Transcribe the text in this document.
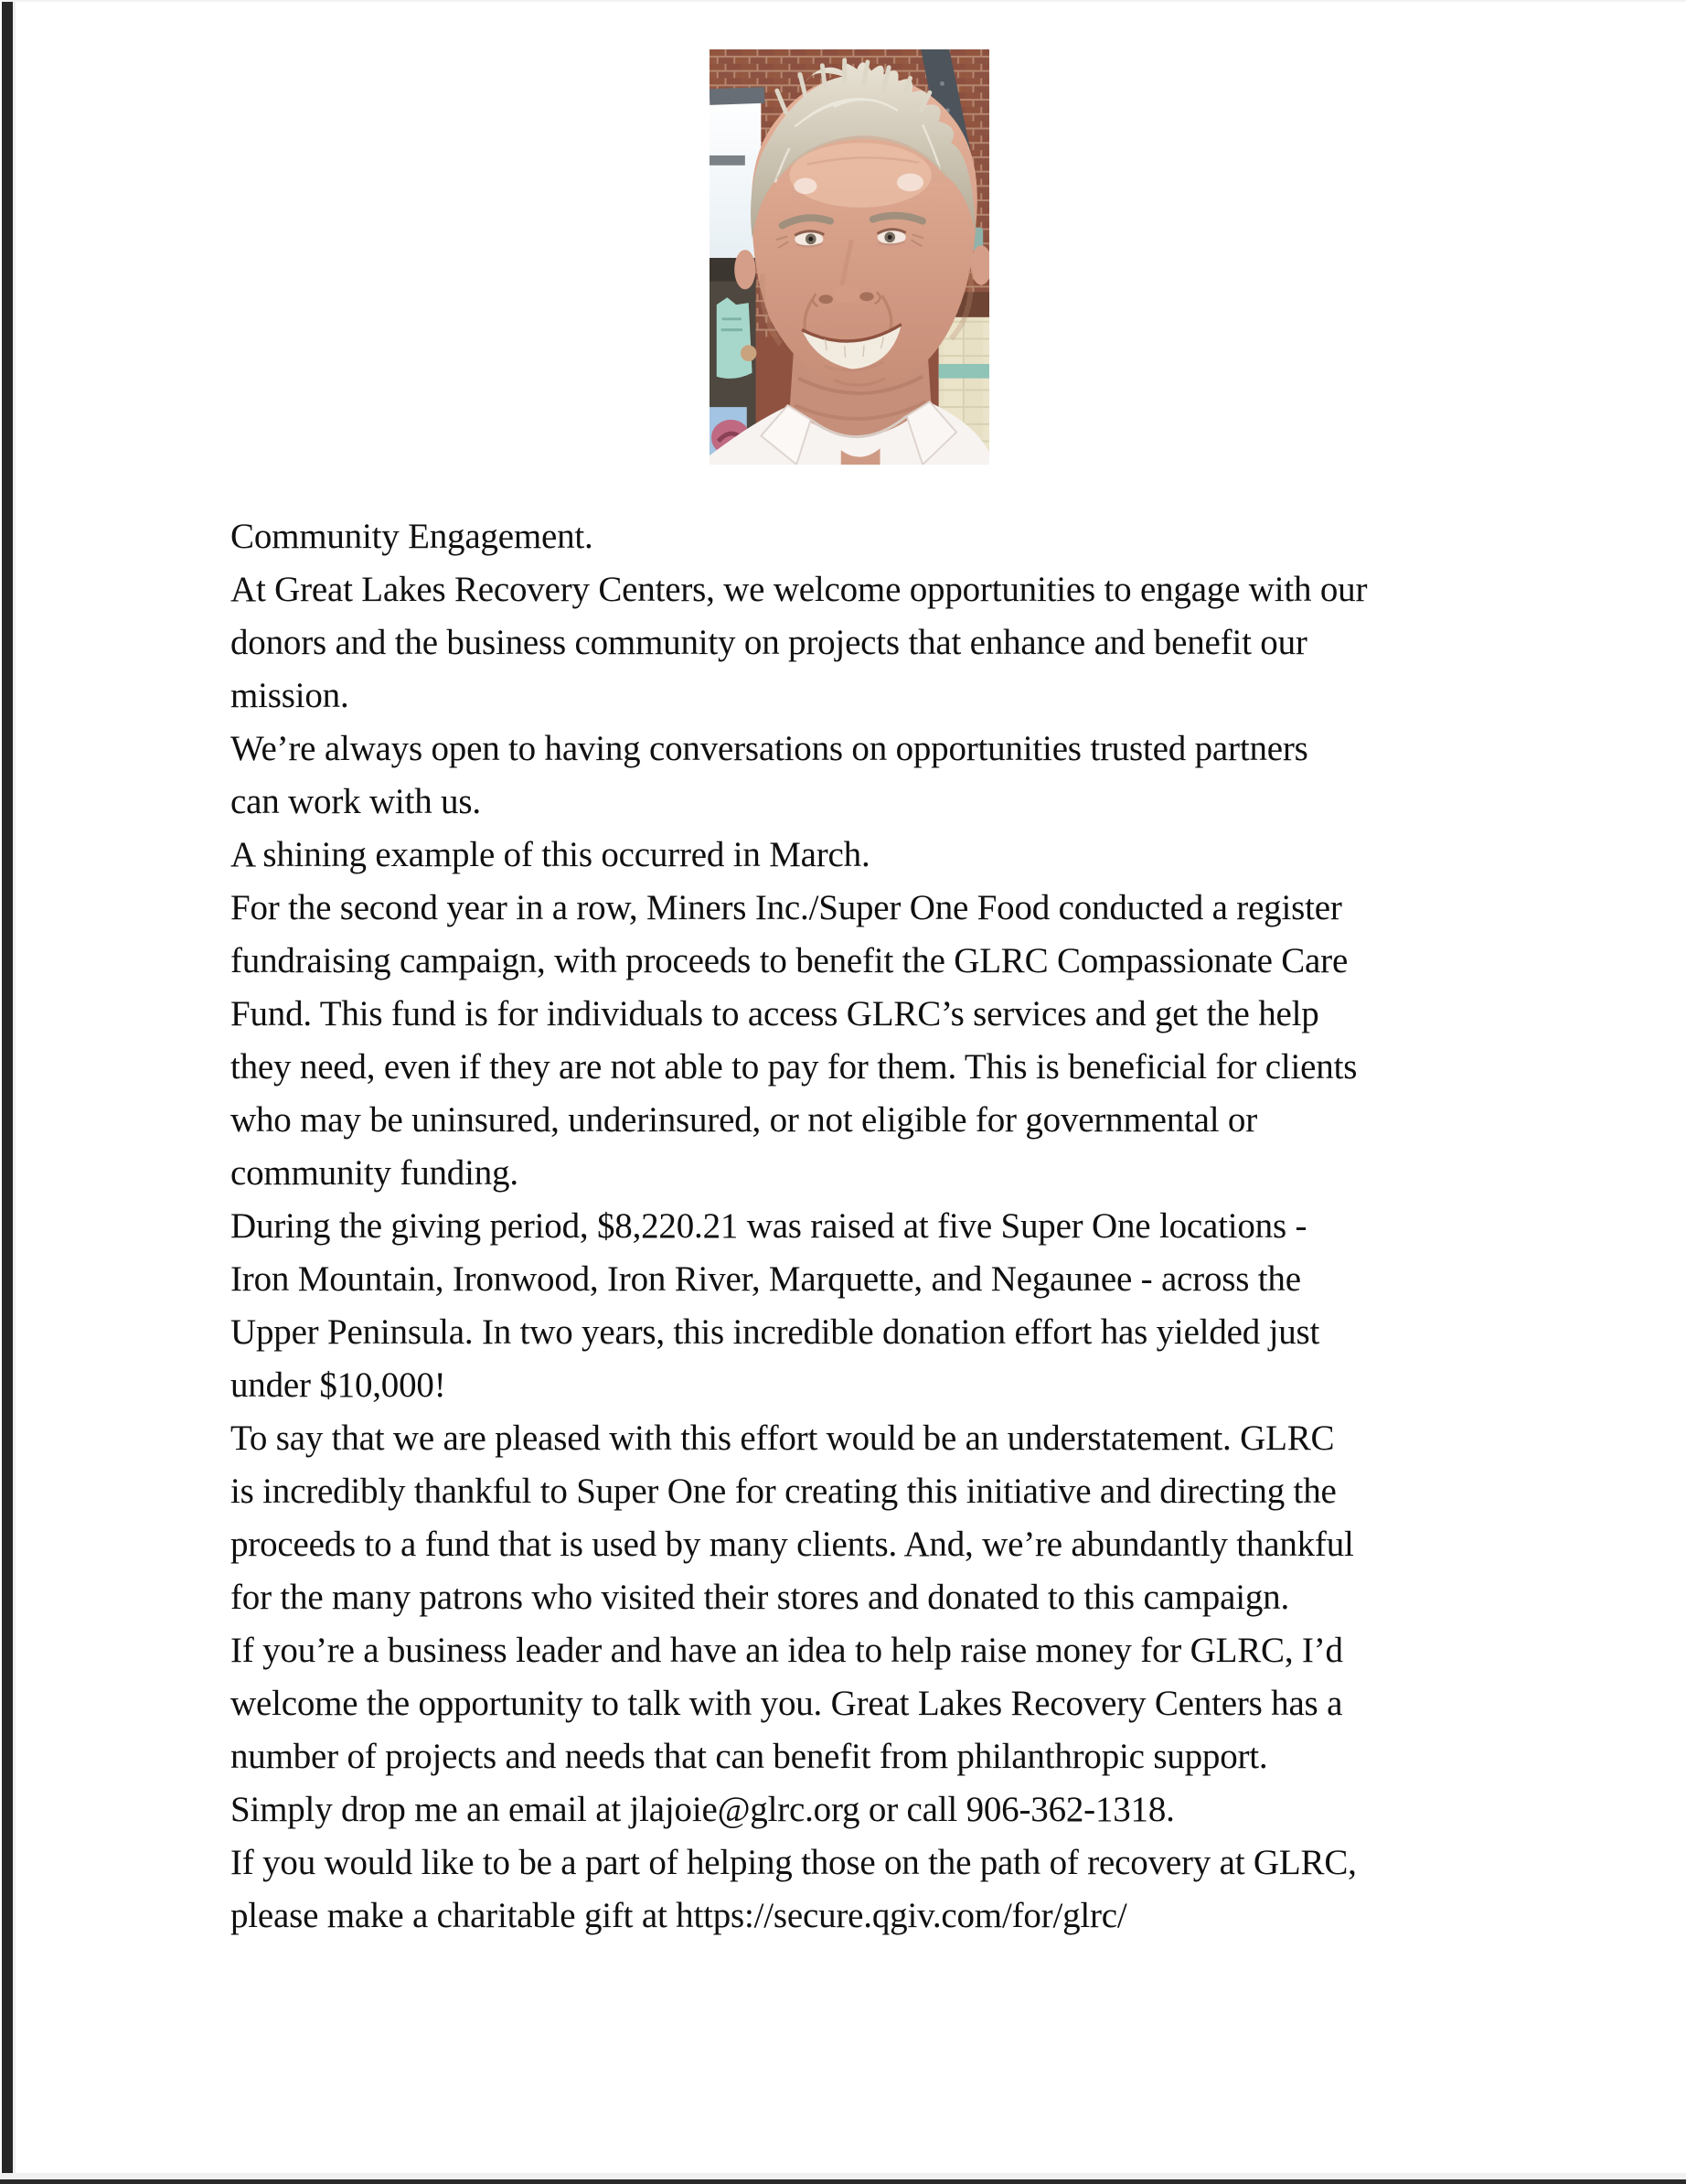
Community Engagement.
At Great Lakes Recovery Centers, we welcome opportunities to engage with our
donors and the business community on projects that enhance and benefit our
mission.
We’re always open to having conversations on opportunities trusted partners
can work with us.
A shining example of this occurred in March.
For the second year in a row, Miners Inc./Super One Food conducted a register
fundraising campaign, with proceeds to benefit the GLRC Compassionate Care
Fund. This fund is for individuals to access GLRC’s services and get the help
they need, even if they are not able to pay for them. This is beneficial for clients
who may be uninsured, underinsured, or not eligible for governmental or
community funding.
During the giving period, $8,220.21 was raised at five Super One locations -
Iron Mountain, Ironwood, Iron River, Marquette, and Negaunee - across the
Upper Peninsula. In two years, this incredible donation effort has yielded just
under $10,000!
To say that we are pleased with this effort would be an understatement. GLRC
is incredibly thankful to Super One for creating this initiative and directing the
proceeds to a fund that is used by many clients. And, we’re abundantly thankful
for the many patrons who visited their stores and donated to this campaign.
If you’re a business leader and have an idea to help raise money for GLRC, I’d
welcome the opportunity to talk with you. Great Lakes Recovery Centers has a
number of projects and needs that can benefit from philanthropic support.
Simply drop me an email at jlajoie@glrc.org or call 906-362-1318.
If you would like to be a part of helping those on the path of recovery at GLRC,
please make a charitable gift at https://secure.qgiv.com/for/glrc/
